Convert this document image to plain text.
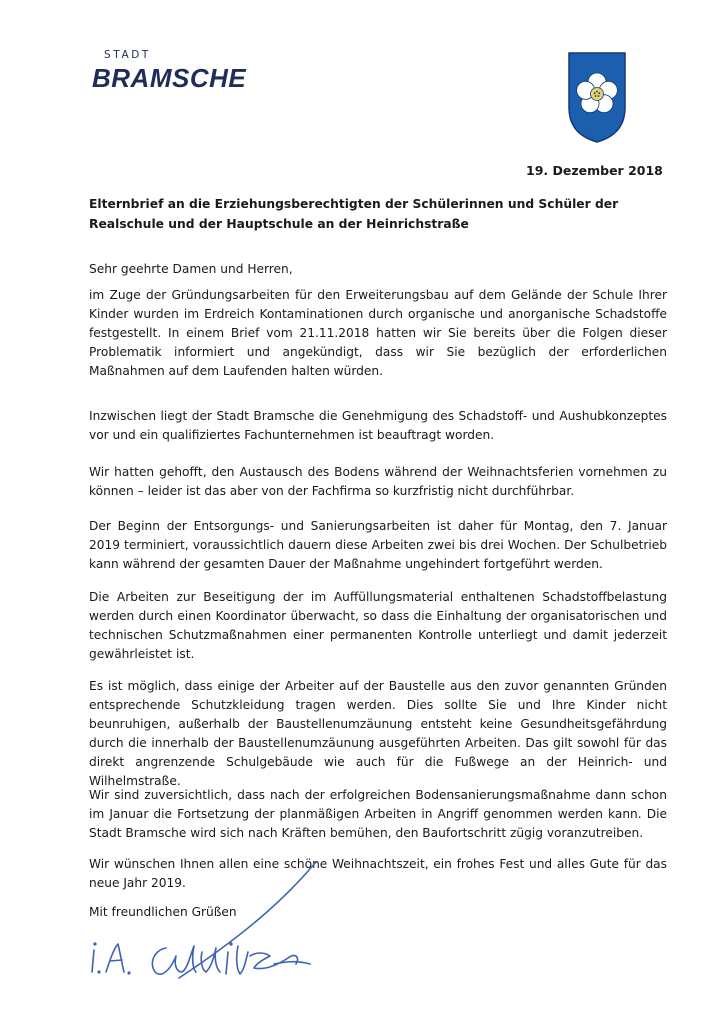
STADT
BRAMSCHE
19. Dezember 2018
Elternbrief an die Erziehungsberechtigten der Schülerinnen und Schüler der Realschule und der Hauptschule an der Heinrichstraße
Sehr geehrte Damen und Herren,
im Zuge der Gründungsarbeiten für den Erweiterungsbau auf dem Gelände der Schule Ihrer Kinder wurden im Erdreich Kontaminationen durch organische und anorganische Schadstoffe festgestellt. In einem Brief vom 21.11.2018 hatten wir Sie bereits über die Folgen dieser Problematik informiert und angekündigt, dass wir Sie bezüglich der erforderlichen Maßnahmen auf dem Laufenden halten würden.
Inzwischen liegt der Stadt Bramsche die Genehmigung des Schadstoff- und Aushubkonzeptes vor und ein qualifiziertes Fachunternehmen ist beauftragt worden.
Wir hatten gehofft, den Austausch des Bodens während der Weihnachtsferien vornehmen zu können – leider ist das aber von der Fachfirma so kurzfristig nicht durchführbar.
Der Beginn der Entsorgungs- und Sanierungsarbeiten ist daher für Montag, den 7. Januar 2019 terminiert, voraussichtlich dauern diese Arbeiten zwei bis drei Wochen. Der Schulbetrieb kann während der gesamten Dauer der Maßnahme ungehindert fortgeführt werden.
Die Arbeiten zur Beseitigung der im Auffüllungsmaterial enthaltenen Schadstoffbelastung werden durch einen Koordinator überwacht, so dass die Einhaltung der organisatorischen und technischen Schutzmaßnahmen einer permanenten Kontrolle unterliegt und damit jederzeit gewährleistet ist.
Es ist möglich, dass einige der Arbeiter auf der Baustelle aus den zuvor genannten Gründen entsprechende Schutzkleidung tragen werden. Dies sollte Sie und Ihre Kinder nicht beunruhigen, außerhalb der Baustellenumzäunung entsteht keine Gesundheitsgefährdung durch die innerhalb der Baustellenumzäunung ausgeführten Arbeiten. Das gilt sowohl für das direkt angrenzende Schulgebäude wie auch für die Fußwege an der Heinrich- und Wilhelmstraße.
Wir sind zuversichtlich, dass nach der erfolgreichen Bodensanierungsmaßnahme dann schon im Januar die Fortsetzung der planmäßigen Arbeiten in Angriff genommen werden kann. Die Stadt Bramsche wird sich nach Kräften bemühen, den Baufortschritt zügig voranzutreiben.
Wir wünschen Ihnen allen eine schöne Weihnachtszeit, ein frohes Fest und alles Gute für das neue Jahr 2019.
Mit freundlichen Grüßen
